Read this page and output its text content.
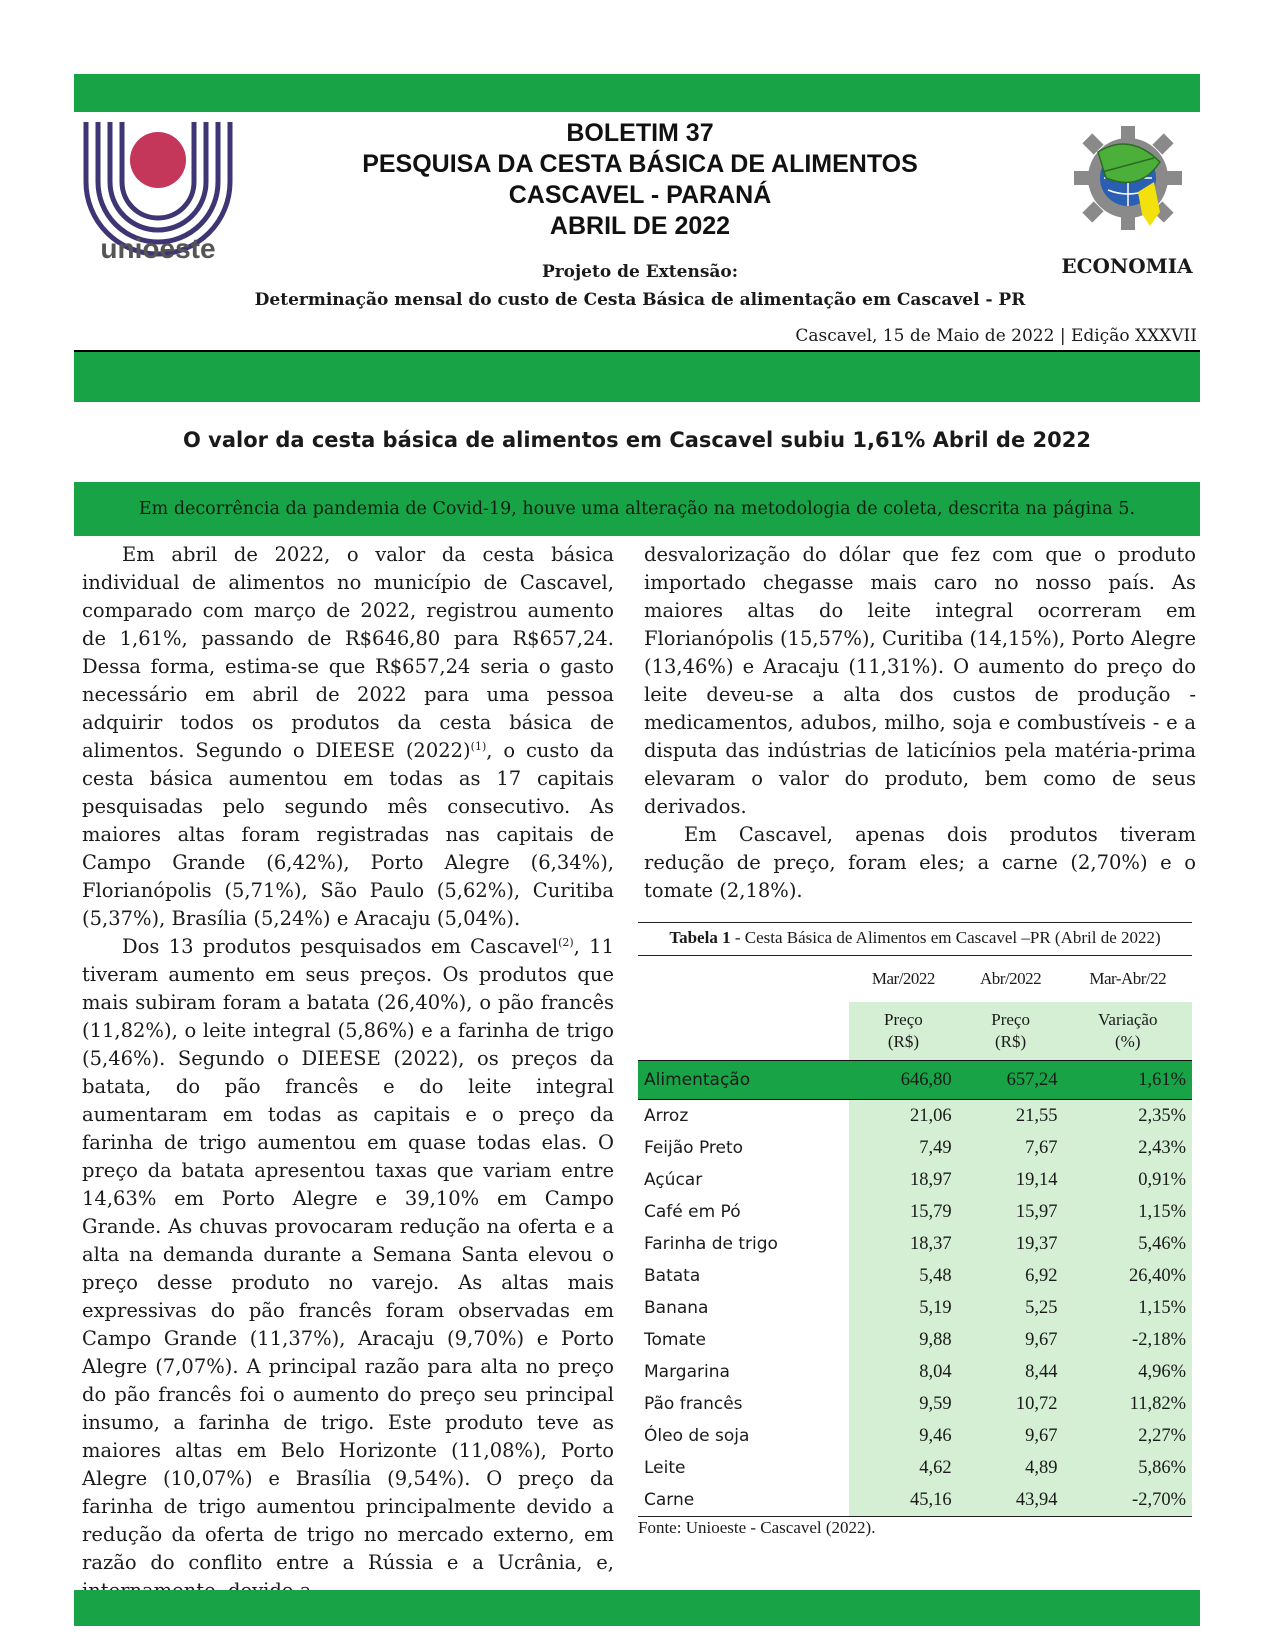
unioeste
BOLETIM 37
PESQUISA DA CESTA BÁSICA DE ALIMENTOS
CASCAVEL - PARANÁ
ABRIL DE 2022
Projeto de Extensão:
Determinação mensal do custo de Cesta Básica de alimentação em Cascavel - PR
ECONOMIA
Cascavel, 15 de Maio de 2022 | Edição XXXVII
O valor da cesta básica de alimentos em Cascavel subiu 1,61% Abril de 2022
Em decorrência da pandemia de Covid-19, houve uma alteração na metodologia de coleta, descrita na página 5.

Em abril de 2022, o valor da cesta básica individual de alimentos no município de Cascavel, comparado com março de 2022, registrou aumento de 1,61%, passando de R$646,80 para R$657,24. Dessa forma, estima-se que R$657,24 seria o gasto necessário em abril de 2022 para uma pessoa adquirir todos os produtos da cesta básica de alimentos. Segundo o DIEESE $(2022)^{(1)}$, o custo da cesta básica aumentou em todas as 17 capitais pesquisadas pelo segundo mês consecutivo. As maiores altas foram registradas nas capitais de Campo Grande (6,42%), Porto Alegre (6,34%), Florianópolis (5,71%), São Paulo (5,62%), Curitiba (5,37%), Brasília (5,24%) e Aracaju (5,04%).

Dos 13 produtos pesquisados em Cascavel$^{(2)}$, 11 tiveram aumento em seus preços. Os produtos que mais subiram foram a batata (26,40%), o pão francês (11,82%), o leite integral (5,86%) e a farinha de trigo (5,46%). Segundo o DIEESE (2022), os preços da batata, do pão francês e do leite integral aumentaram em todas as capitais e o preço da farinha de trigo aumentou em quase todas elas. O preço da batata apresentou taxas que variam entre 14,63% em Porto Alegre e 39,10% em Campo Grande. As chuvas provocaram redução na oferta e a alta na demanda durante a Semana Santa elevou o preço desse produto no varejo. As altas mais expressivas do pão francês foram observadas em Campo Grande (11,37%), Aracaju (9,70%) e Porto Alegre (7,07%). A principal razão para alta no preço do pão francês foi o aumento do preço seu principal insumo, a farinha de trigo. Este produto teve as maiores altas em Belo Horizonte (11,08%), Porto Alegre (10,07%) e Brasília (9,54%). O preço da farinha de trigo aumentou principalmente devido a redução da oferta de trigo no mercado externo, em razão do conflito entre a Rússia e a Ucrânia, e,

desvalorização do dólar que fez com que o produto importado chegasse mais caro no nosso país. As maiores altas do leite integral ocorreram em Florianópolis (15,57%), Curitiba (14,15%), Porto Alegre (13,46%) e Aracaju (11,31%). O aumento do preço do leite deveu-se a alta dos custos de produção - medicamentos, adubos, milho, soja e combustíveis - e a disputa das indústrias de laticínios pela matéria-prima elevaram o valor do produto, bem como de seus derivados.

Em Cascavel, apenas dois produtos tiveram redução de preço, foram eles; a carne (2,70%) e o tomate (2,18%).

Tabela 1 - Cesta Básica de Alimentos em Cascavel –PR (Abril de 2022)
	Mar/2022	Abr/2022	Mar-Abr/22
	Preço
(R$)	Preço
(R$)	Variação
(%)
Alimentação	646,80	657,24	1,61%
Arroz	21,06	21,55	2,35%
Feijão Preto	7,49	7,67	2,43%
Açúcar	18,97	19,14	0,91%
Café em Pó	15,79	15,97	1,15%
Farinha de trigo	18,37	19,37	5,46%
Batata	5,48	6,92	26,40%
Banana	5,19	5,25	1,15%
Tomate	9,88	9,67	-2,18%
Margarina	8,04	8,44	4,96%
Pão francês	9,59	10,72	11,82%
Óleo de soja	9,46	9,67	2,27%
Leite	4,62	4,89	5,86%
Carne	45,16	43,94	-2,70%
Fonte: Unioeste - Cascavel (2022).
